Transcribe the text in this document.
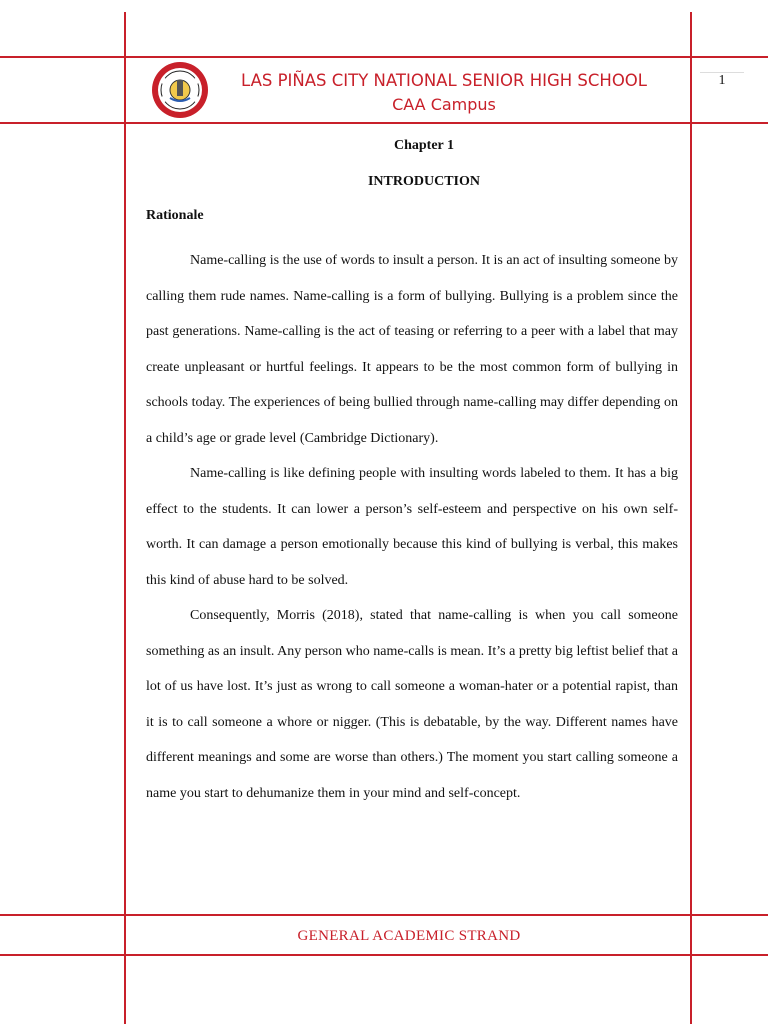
LAS PIÑAS CITY NATIONAL SENIOR HIGH SCHOOL
CAA Campus
1
Chapter 1
INTRODUCTION
Rationale

Name-calling is the use of words to insult a person. It is an act of insulting someone by calling them rude names. Name-calling is a form of bullying. Bullying is a problem since the past generations. Name-calling is the act of teasing or referring to a peer with a label that may create unpleasant or hurtful feelings. It appears to be the most common form of bullying in schools today. The experiences of being bullied through name-calling may differ depending on a child’s age or grade level (Cambridge Dictionary).

Name-calling is like defining people with insulting words labeled to them. It has a big effect to the students. It can lower a person’s self-esteem and perspective on his own self-worth. It can damage a person emotionally because this kind of bullying is verbal, this makes this kind of abuse hard to be solved.

Consequently, Morris (2018), stated that name-calling is when you call someone something as an insult. Any person who name-calls is mean. It’s a pretty big leftist belief that a lot of us have lost. It’s just as wrong to call someone a woman-hater or a potential rapist, than it is to call someone a whore or nigger. (This is debatable, by the way. Different names have different meanings and some are worse than others.) The moment you start calling someone a name you start to dehumanize them in your mind and self-concept.

GENERAL ACADEMIC STRAND
